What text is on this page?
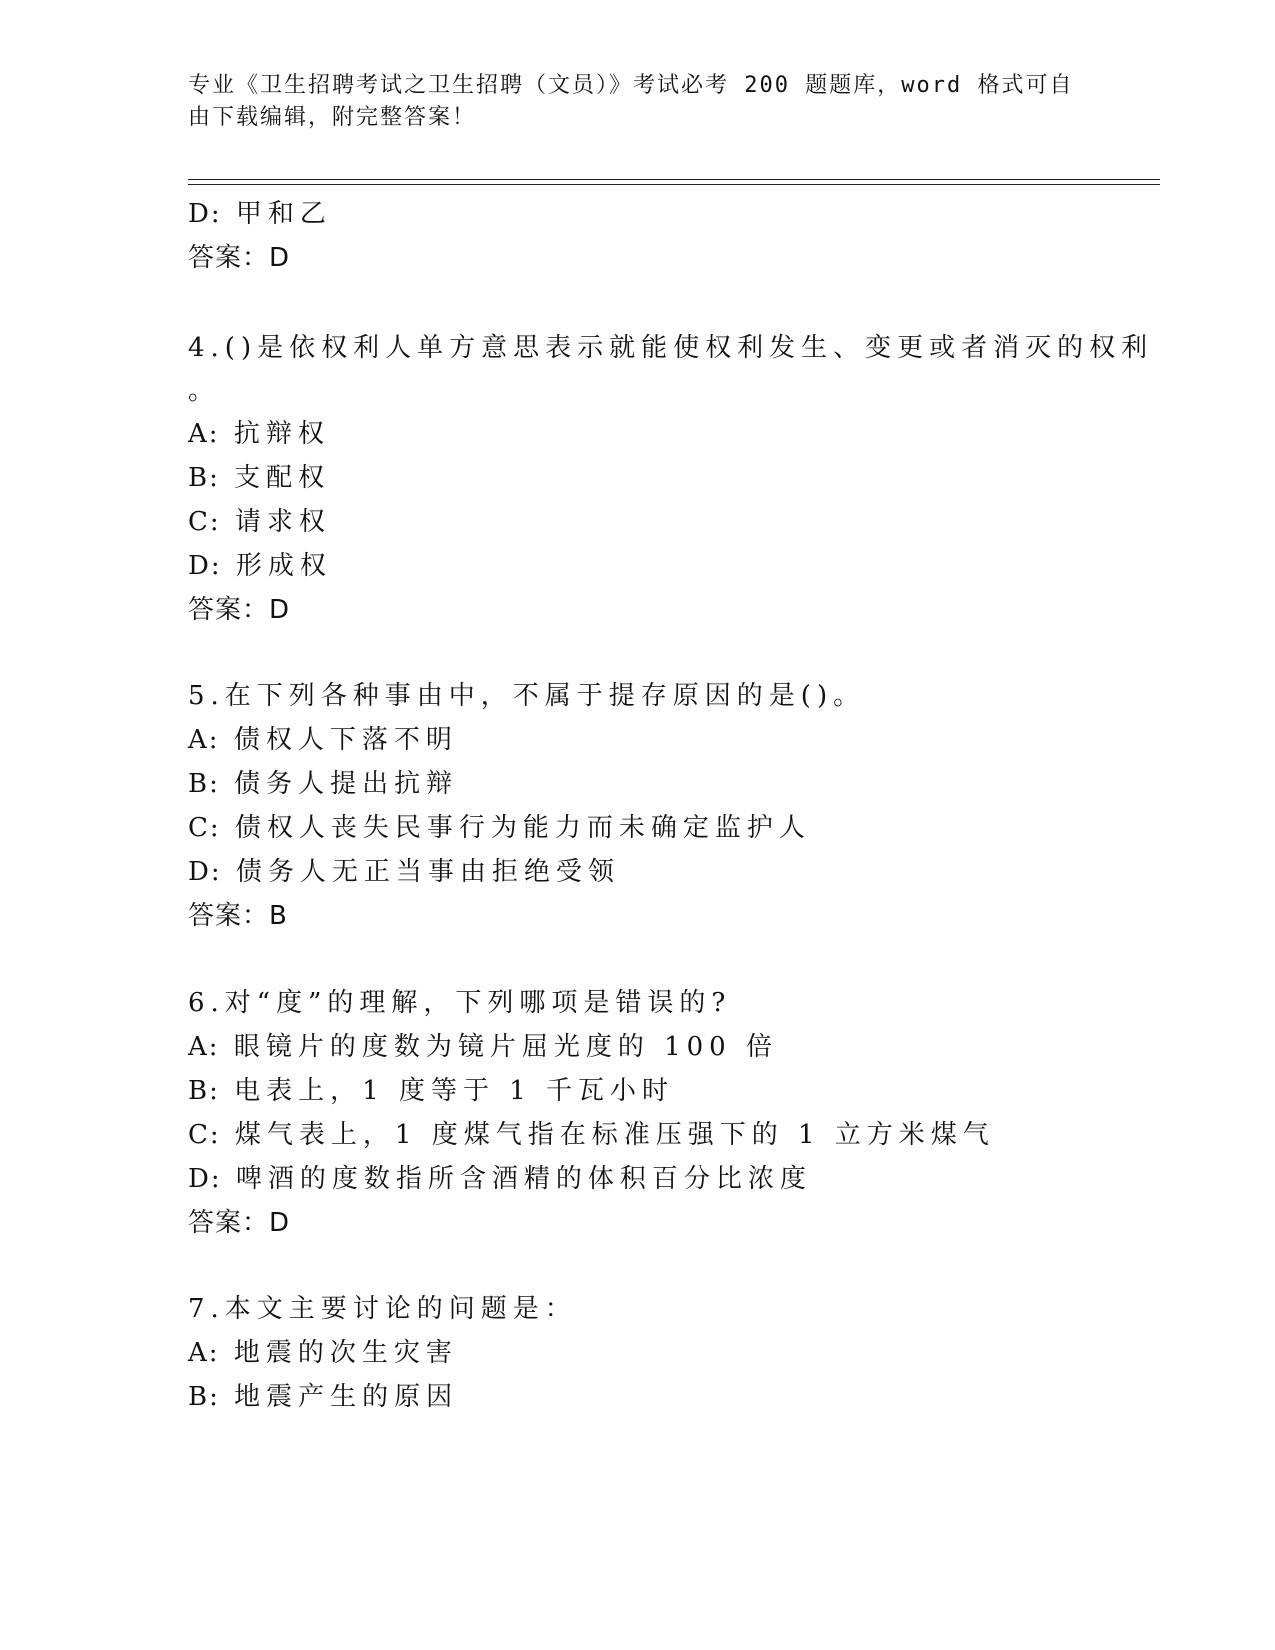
专业《卫生招聘考试之卫生招聘（文员）》考试必考 200 题题库，word 格式可自
由下载编辑，附完整答案！
D: 甲和乙
答案：D
4.()是依权利人单方意思表示就能使权利发生、变更或者消灭的权利
。
A: 抗辩权
B: 支配权
C: 请求权
D: 形成权
答案：D
5.在下列各种事由中，不属于提存原因的是()。
A: 债权人下落不明
B: 债务人提出抗辩
C: 债权人丧失民事行为能力而未确定监护人
D: 债务人无正当事由拒绝受领
答案：B
6.对“度”的理解，下列哪项是错误的?
A: 眼镜片的度数为镜片屈光度的 100 倍
B: 电表上，1 度等于 1 千瓦小时
C: 煤气表上，1 度煤气指在标准压强下的 1 立方米煤气
D: 啤酒的度数指所含酒精的体积百分比浓度
答案：D
7.本文主要讨论的问题是：
A: 地震的次生灾害
B: 地震产生的原因
